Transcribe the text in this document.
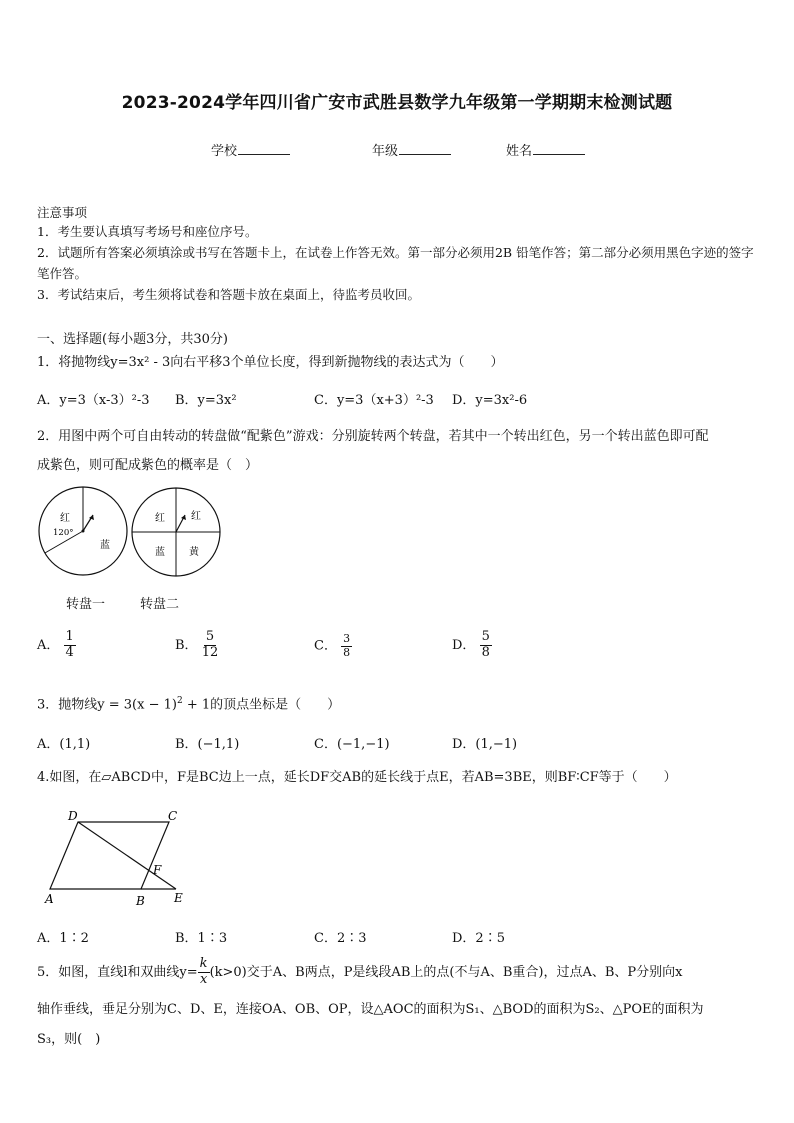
2023-2024学年四川省广安市武胜县数学九年级第一学期期末检测试题
学校	年级	姓名
注意事项
1．考生要认真填写考场号和座位序号。
2．试题所有答案必须填涂或书写在答题卡上，在试卷上作答无效。第一部分必须用2B 铅笔作答；第二部分必须用黑色字迹的签字笔作答。
3．考试结束后，考生须将试卷和答题卡放在桌面上，待监考员收回。
一、选择题(每小题3分，共30分)
1．将抛物线y=3x² - 3向右平移3个单位长度，得到新抛物线的表达式为（　　）
A．y=3（x-3）²-3 B．y=3x²	C．y=3（x+3）²-3 D．y=3x²-6
2．用图中两个可自由转动的转盘做“配紫色”游戏：分别旋转两个转盘，若其中一个转出红色，另一个转出蓝色即可配
成紫色，则可配成紫色的概率是（　）
红
120°
蓝
红	红
蓝 黄
转盘一	转盘二
A． $\frac{1}{4}$	B． $\frac{5}{12}$	C． $\frac{3}{8}$	D． $\frac{5}{8}$
3．抛物线$y = 3(x - 1)^2 + 1$的顶点坐标是（　　）
A．(1,1)	B．(−1,1)	C．(−1,−1)	D．(1,−1)
4.如图，在▱ABCD中，F是BC边上一点，延长DF交AB的延长线于点E，若AB=3BE，则BF∶CF等于（　　）
D	C
F
A	B E
A．1∶2	B．1∶3	C．2∶3	D．2∶5
5．如图，直线l和双曲线$y= \frac{k}{x} (k>0)$交于A、B两点，P是线段AB上的点(不与A、B重合)，过点A、B、P分别向x
轴作垂线，垂足分别为C、D、E，连接OA、OB、OP，设△AOC的面积为S₁、△BOD的面积为S₂、△POE的面积为
S₃，则(　)
